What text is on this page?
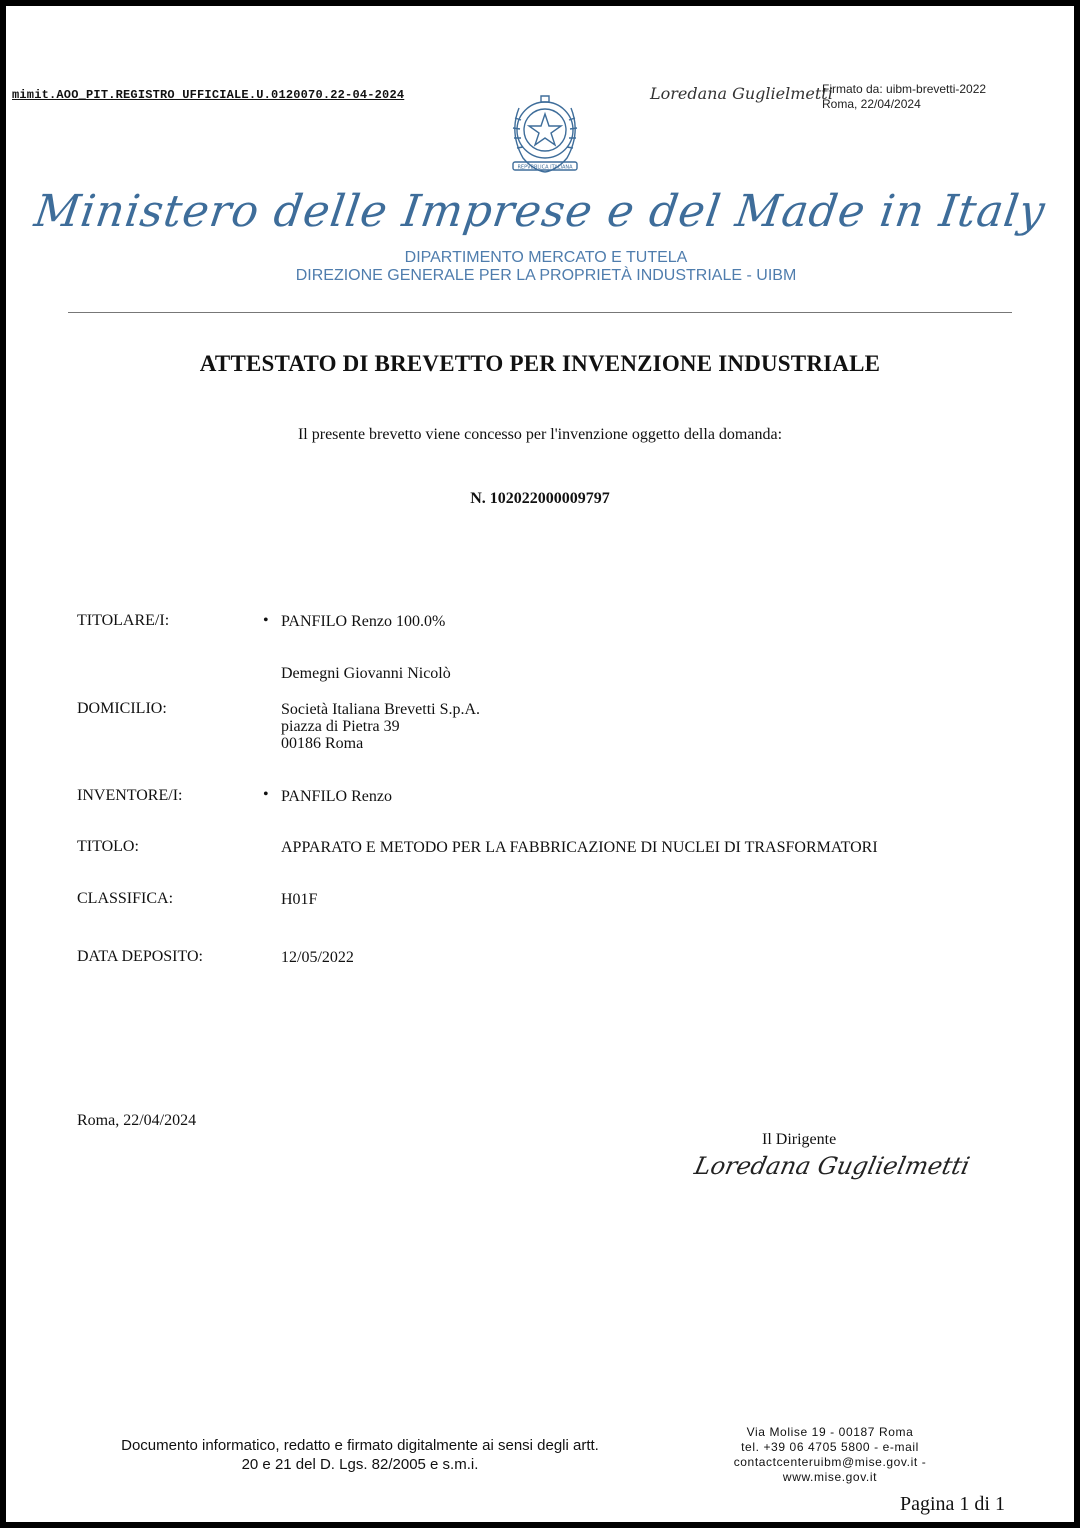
mimit.AOO_PIT.REGISTRO UFFICIALE.U.0120070.22-04-2024
REPVBBLICA ITALIANA
Loredana Guglielmetti
Firmato da: uibm-brevetti-2022
Roma, 22/04/2024
Ministero delle Imprese e del Made in Italy
DIPARTIMENTO MERCATO E TUTELA
DIREZIONE GENERALE PER LA PROPRIETÀ INDUSTRIALE - UIBM
ATTESTATO DI BREVETTO PER INVENZIONE INDUSTRIALE
Il presente brevetto viene concesso per l'invenzione oggetto della domanda:
N. 102022000009797
TITOLARE/I:	• PANFILO Renzo 100.0%
Demegni Giovanni Nicolò
DOMICILIO:	Società Italiana Brevetti S.p.A.
piazza di Pietra 39
00186 Roma
INVENTORE/I:	• PANFILO Renzo
TITOLO:	APPARATO E METODO PER LA FABBRICAZIONE DI NUCLEI DI TRASFORMATORI
CLASSIFICA:	H01F
DATA DEPOSITO:	12/05/2022
Roma, 22/04/2024
Il Dirigente
Loredana Guglielmetti
Documento informatico, redatto e firmato digitalmente ai sensi degli artt.
20 e 21 del D. Lgs. 82/2005 e s.m.i.
Via Molise 19 - 00187 Roma
tel. +39 06 4705 5800 - e-mail
contactcenteruibm@mise.gov.it -
www.mise.gov.it
Pagina 1 di 1
